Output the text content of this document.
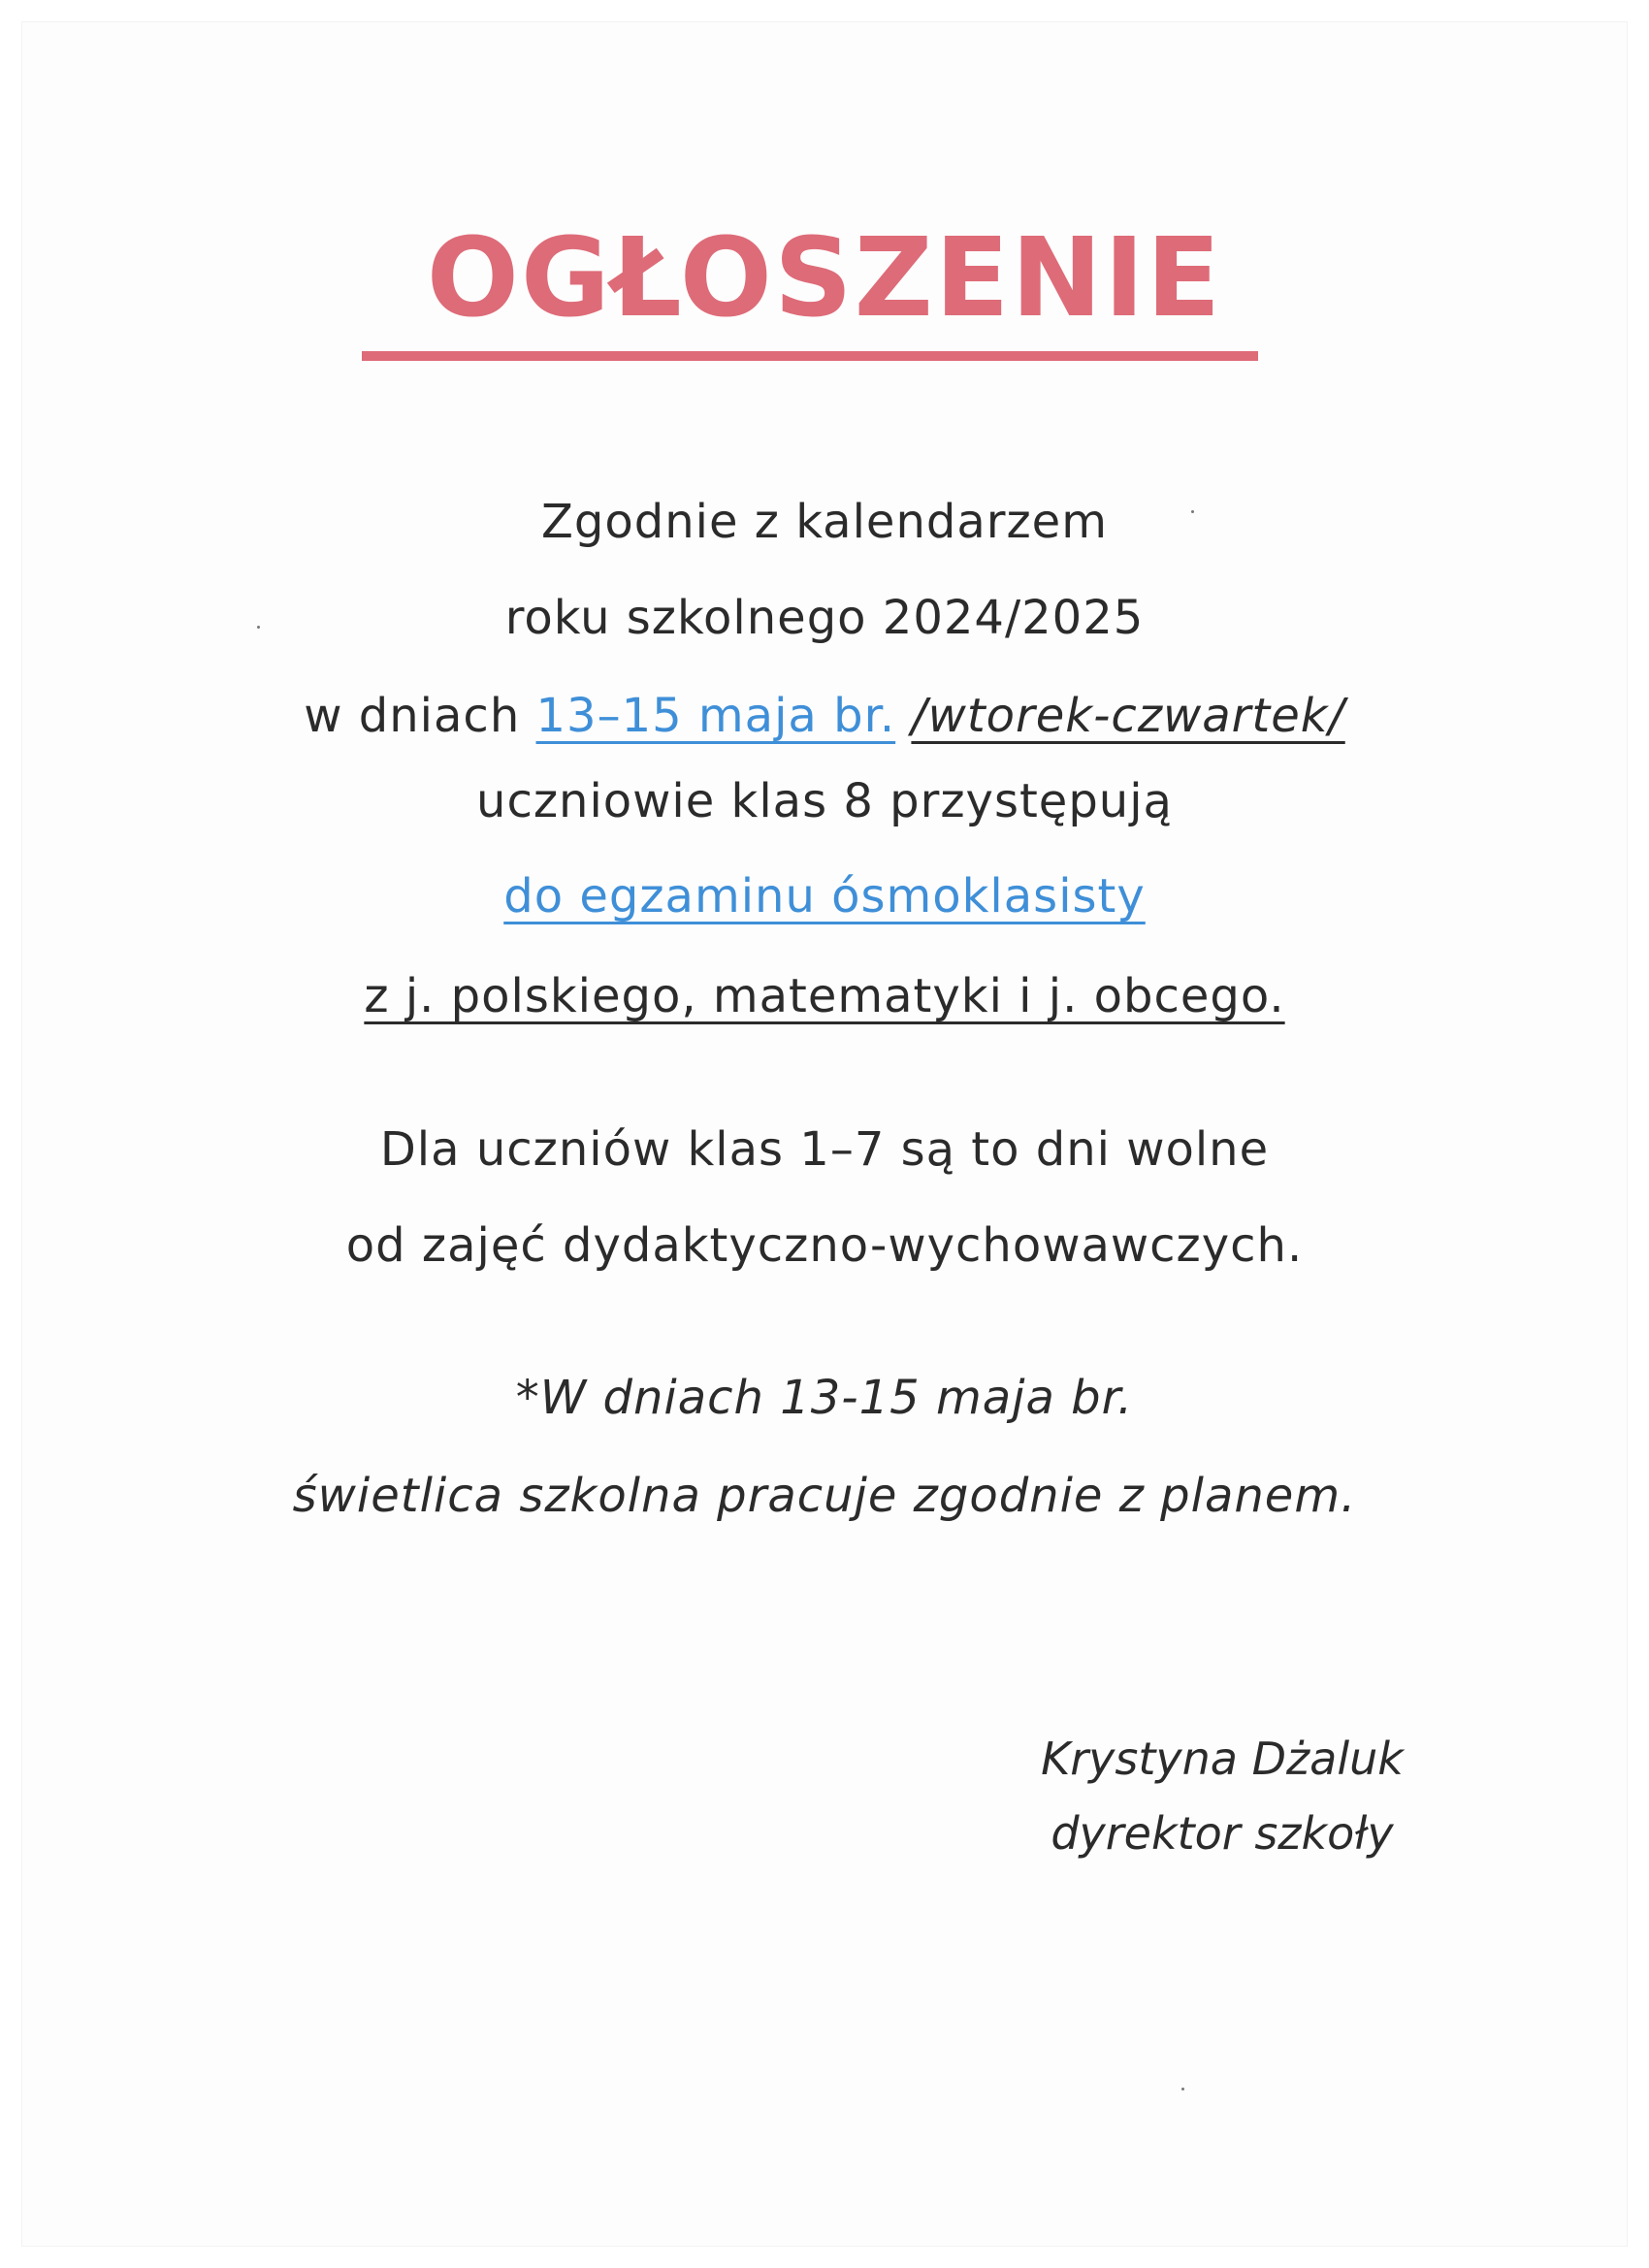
OGŁOSZENIE
Zgodnie z kalendarzem
roku szkolnego 2024/2025
w dniach 13–15 maja br. /wtorek-czwartek/
uczniowie klas 8 przystępują
do egzaminu ósmoklasisty
z j. polskiego, matematyki i j. obcego.
Dla uczniów klas 1–7 są to dni wolne
od zajęć dydaktyczno-wychowawczych.
*W dniach 13-15 maja br.
świetlica szkolna pracuje zgodnie z planem.
Krystyna Dżaluk
dyrektor szkoły
